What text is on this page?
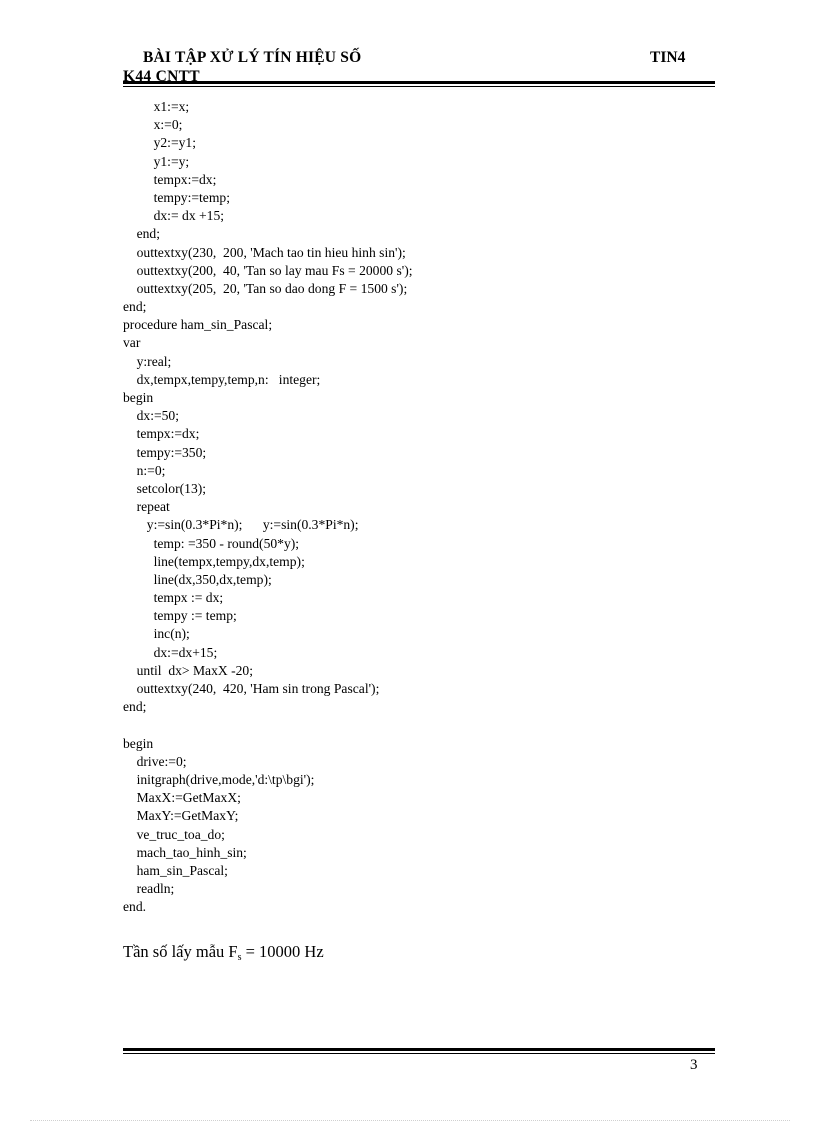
BÀI TẬP XỬ LÝ TÍN HIỆU SỐ	TIN4
K44 CNTT
x1:=x;
x:=0;
y2:=y1;
y1:=y;
tempx:=dx;
tempy:=temp;
dx:= dx +15;
end;
outtextxy(230,  200, 'Mach tao tin hieu hinh sin');
outtextxy(200,  40, 'Tan so lay mau Fs = 20000 s');
outtextxy(205,  20, 'Tan so dao dong F = 1500 s');
end;
procedure ham_sin_Pascal;
var
y:real;
dx,tempx,tempy,temp,n:   integer;
begin
dx:=50;
tempx:=dx;
tempy:=350;
n:=0;
setcolor(13);
repeat
y:=sin(0.3*Pi*n);      y:=sin(0.3*Pi*n);
temp: =350 - round(50*y);
line(tempx,tempy,dx,temp);
line(dx,350,dx,temp);
tempx := dx;
tempy := temp;
inc(n);
dx:=dx+15;
until  dx> MaxX -20;
outtextxy(240,  420, 'Ham sin trong Pascal');
end;
begin
drive:=0;
initgraph(drive,mode,'d:\tp\bgi');
MaxX:=GetMaxX;
MaxY:=GetMaxY;
ve_truc_toa_do;
mach_tao_hinh_sin;
ham_sin_Pascal;
readln;
end.
Tần số lấy mẫu $F_s = 10000$ Hz
3
